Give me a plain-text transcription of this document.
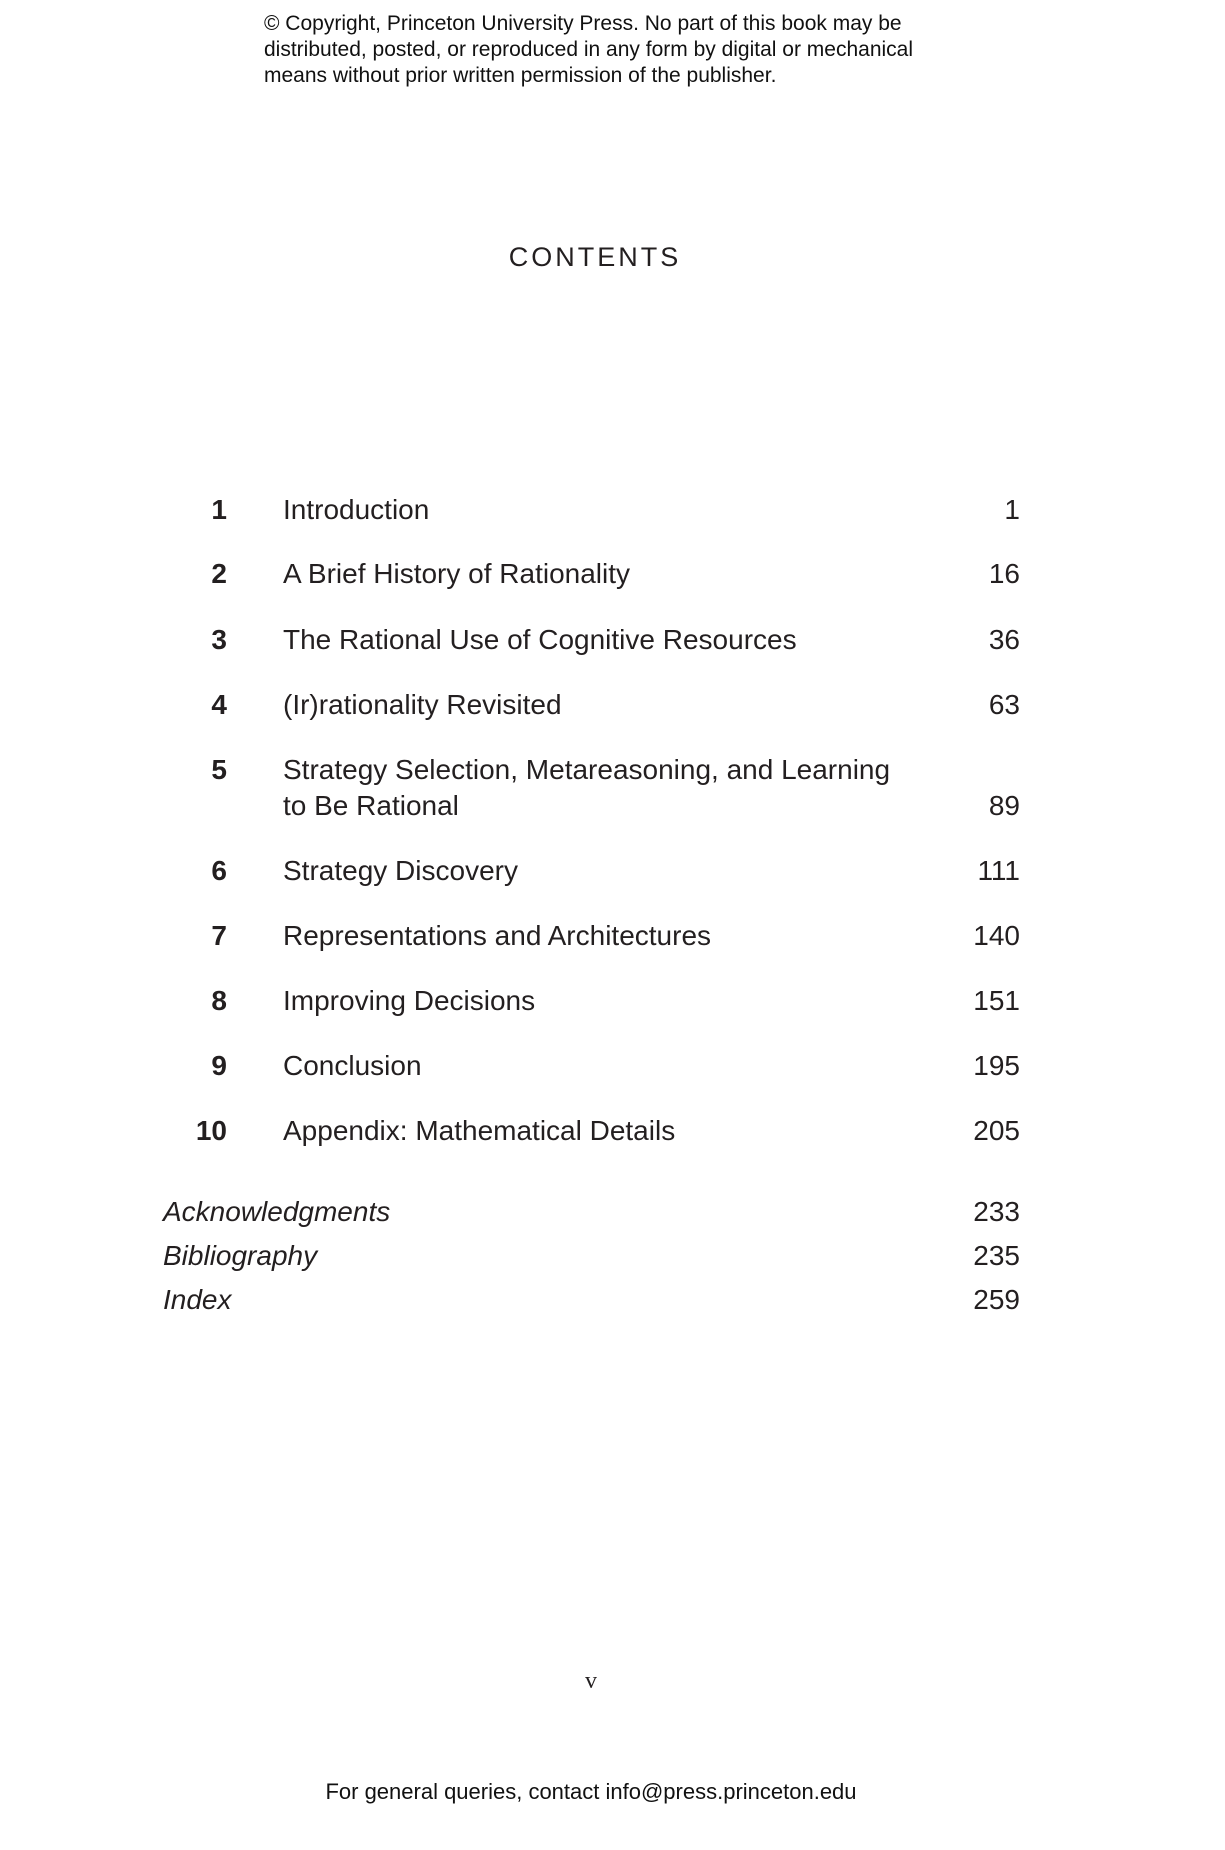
© Copyright, Princeton University Press. No part of this book may be
distributed, posted, or reproduced in any form by digital or mechanical
means without prior written permission of the publisher.
CONTENTS
1 Introduction	1
2 A Brief History of Rationality	16
3 The Rational Use of Cognitive Resources	36
4 (Ir)rationality Revisited	63
5 Strategy Selection, Metareasoning, and Learning
to Be Rational	89
6 Strategy Discovery	111
7 Representations and Architectures	140
8 Improving Decisions	151
9 Conclusion	195
10 Appendix: Mathematical Details	205
Acknowledgments	233
Bibliography	235
Index	259
v
For general queries, contact info@press.princeton.edu
